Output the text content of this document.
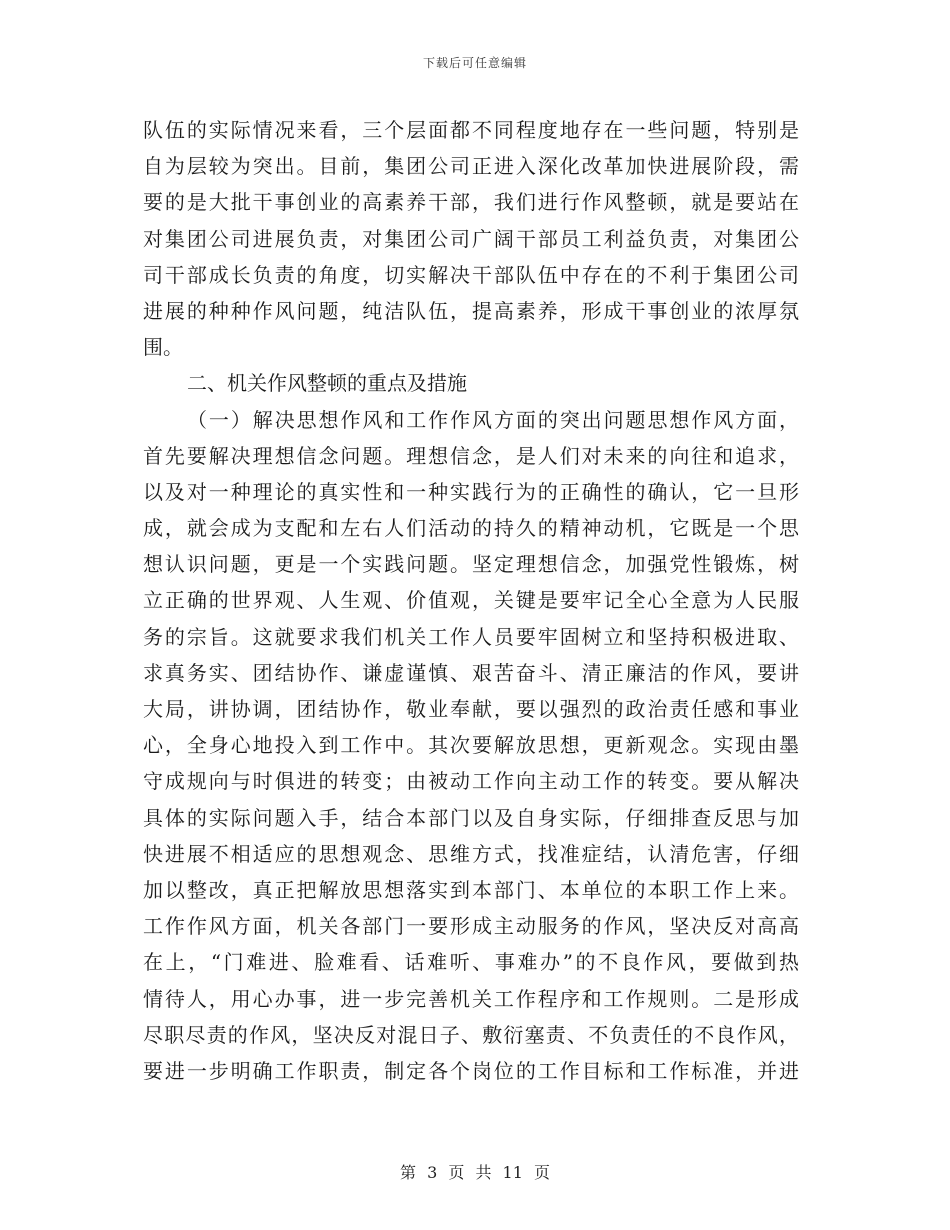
下载后可任意编辑
队伍的实际情况来看，三个层面都不同程度地存在一些问题，特别是
自为层较为突出。目前，集团公司正进入深化改革加快进展阶段，需
要的是大批干事创业的高素养干部，我们进行作风整顿，就是要站在
对集团公司进展负责，对集团公司广阔干部员工利益负责，对集团公
司干部成长负责的角度，切实解决干部队伍中存在的不利于集团公司
进展的种种作风问题，纯洁队伍，提高素养，形成干事创业的浓厚氛
围。
二、机关作风整顿的重点及措施
（一）解决思想作风和工作作风方面的突出问题思想作风方面，
首先要解决理想信念问题。理想信念，是人们对未来的向往和追求，
以及对一种理论的真实性和一种实践行为的正确性的确认，它一旦形
成，就会成为支配和左右人们活动的持久的精神动机，它既是一个思
想认识问题，更是一个实践问题。坚定理想信念，加强党性锻炼，树
立正确的世界观、人生观、价值观，关键是要牢记全心全意为人民服
务的宗旨。这就要求我们机关工作人员要牢固树立和坚持积极进取、
求真务实、团结协作、谦虚谨慎、艰苦奋斗、清正廉洁的作风，要讲
大局，讲协调，团结协作，敬业奉献，要以强烈的政治责任感和事业
心，全身心地投入到工作中。其次要解放思想，更新观念。实现由墨
守成规向与时俱进的转变；由被动工作向主动工作的转变。要从解决
具体的实际问题入手，结合本部门以及自身实际，仔细排查反思与加
快进展不相适应的思想观念、思维方式，找准症结，认清危害，仔细
加以整改，真正把解放思想落实到本部门、本单位的本职工作上来。
工作作风方面，机关各部门一要形成主动服务的作风，坚决反对高高
在上，“门难进、脸难看、话难听、事难办”的不良作风，要做到热
情待人，用心办事，进一步完善机关工作程序和工作规则。二是形成
尽职尽责的作风，坚决反对混日子、敷衍塞责、不负责任的不良作风，
要进一步明确工作职责，制定各个岗位的工作目标和工作标准，并进
第 3 页 共 11 页
